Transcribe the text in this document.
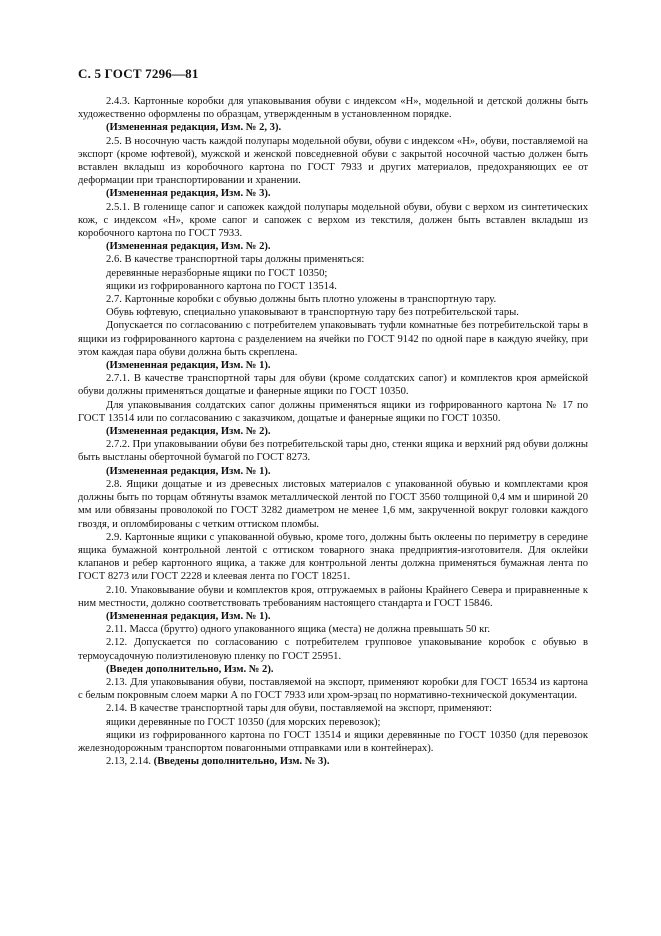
С. 5 ГОСТ 7296—81

2.4.3. Картонные коробки для упаковывания обуви с индексом «Н», модельной и детской должны быть художественно оформлены по образцам, утвержденным в установленном порядке.

(Измененная редакция, Изм. № 2, 3).

2.5. В носочную часть каждой полупары модельной обуви, обуви с индексом «Н», обуви, поставляемой на экспорт (кроме юфтевой), мужской и женской повседневной обуви с закрытой носочной частью должен быть вставлен вкладыш из коробочного картона по ГОСТ 7933 и других материалов, предохраняющих ее от деформации при транспортировании и хранении.

(Измененная редакция, Изм. № 3).

2.5.1. В голенище сапог и сапожек каждой полупары модельной обуви, обуви с верхом из синтетических кож, с индексом «Н», кроме сапог и сапожек с верхом из текстиля, должен быть вставлен вкладыш из коробочного картона по ГОСТ 7933.

(Измененная редакция, Изм. № 2).

2.6. В качестве транспортной тары должны применяться:

деревянные неразборные ящики по ГОСТ 10350;

ящики из гофрированного картона по ГОСТ 13514.

2.7. Картонные коробки с обувью должны быть плотно уложены в транспортную тару.

Обувь юфтевую, специально упаковывают в транспортную тару без потребительской тары.

Допускается по согласованию с потребителем упаковывать туфли комнатные без потребительской тары в ящики из гофрированного картона с разделением на ячейки по ГОСТ 9142 по одной паре в каждую ячейку, при этом каждая пара обуви должна быть скреплена.

(Измененная редакция, Изм. № 1).

2.7.1. В качестве транспортной тары для обуви (кроме солдатских сапог) и комплектов кроя армейской обуви должны применяться дощатые и фанерные ящики по ГОСТ 10350.

Для упаковывания солдатских сапог должны применяться ящики из гофрированного картона № 17 по ГОСТ 13514 или по согласованию с заказчиком, дощатые и фанерные ящики по ГОСТ 10350.

(Измененная редакция, Изм. № 2).

2.7.2. При упаковывании обуви без потребительской тары дно, стенки ящика и верхний ряд обуви должны быть выстланы оберточной бумагой по ГОСТ 8273.

(Измененная редакция, Изм. № 1).

2.8. Ящики дощатые и из древесных листовых материалов с упакованной обувью и комплектами кроя должны быть по торцам обтянуты взамок металлической лентой по ГОСТ 3560 толщиной 0,4 мм и шириной 20 мм или обвязаны проволокой по ГОСТ 3282 диаметром не менее 1,6 мм, закрученной вокруг головки каждого гвоздя, и опломбированы с четким оттиском пломбы.

2.9. Картонные ящики с упакованной обувью, кроме того, должны быть оклеены по периметру в середине ящика бумажной контрольной лентой с оттиском товарного знака предприятия-изготовителя. Для оклейки клапанов и ребер картонного ящика, а также для контрольной ленты должна применяться бумажная лента по ГОСТ 8273 или ГОСТ 2228 и клеевая лента по ГОСТ 18251.

2.10. Упаковывание обуви и комплектов кроя, отгружаемых в районы Крайнего Севера и приравненные к ним местности, должно соответствовать требованиям настоящего стандарта и ГОСТ 15846.

(Измененная редакция, Изм. № 1).

2.11. Масса (брутто) одного упакованного ящика (места) не должна превышать 50 кг.

2.12. Допускается по согласованию с потребителем групповое упаковывание коробок с обувью в термоусадочную полиэтиленовую пленку по ГОСТ 25951.

(Введен дополнительно, Изм. № 2).

2.13. Для упаковывания обуви, поставляемой на экспорт, применяют коробки для ГОСТ 16534 из картона с белым покровным слоем марки А по ГОСТ 7933 или хром-эрзац по нормативно-технической документации.

2.14. В качестве транспортной тары для обуви, поставляемой на экспорт, применяют:

ящики деревянные по ГОСТ 10350 (для морских перевозок);

ящики из гофрированного картона по ГОСТ 13514 и ящики деревянные по ГОСТ 10350 (для перевозок железнодорожным транспортом повагонными отправками или в контейнерах).

2.13, 2.14. (Введены дополнительно, Изм. № 3).
